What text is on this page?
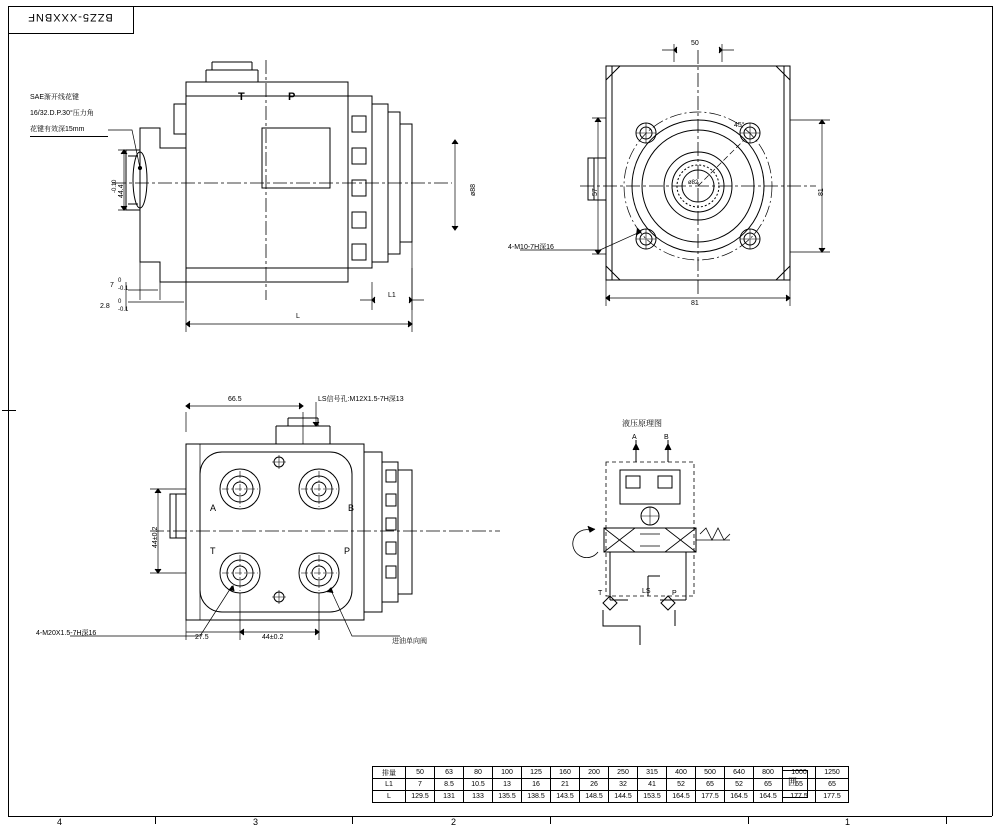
4	3	2	1
BZZ5-XXXBNF
SAE渐开线花键
16/32.D.P.30°压力角
花键有效深15mm
44.4
0
-0.1
7
0
-0.1
2.8
0
-0.1
L1
L
ø88
T	P
50
57	81
81
45°
4-M10-7H深16
ø82
LS信号孔:M12X1.5-7H深13
66.5
44±0.2
27.5	44±0.2
4-M20X1.5-7H深16
进油单向阀
A	B
T	P
液压原理图
A	B
T	LS	P
排量	50	63	80	100	125	160	200	250	315	400	500	640	800	1000	1250
L1	7	8.5	10.5	13	16	21	26	32	41	52	65	52	65	65	65
L	129.5	131	133	135.5	138.5	143.5	148.5	144.5	153.5	164.5	177.5	164.5	164.5	177.5	177.5
囲
